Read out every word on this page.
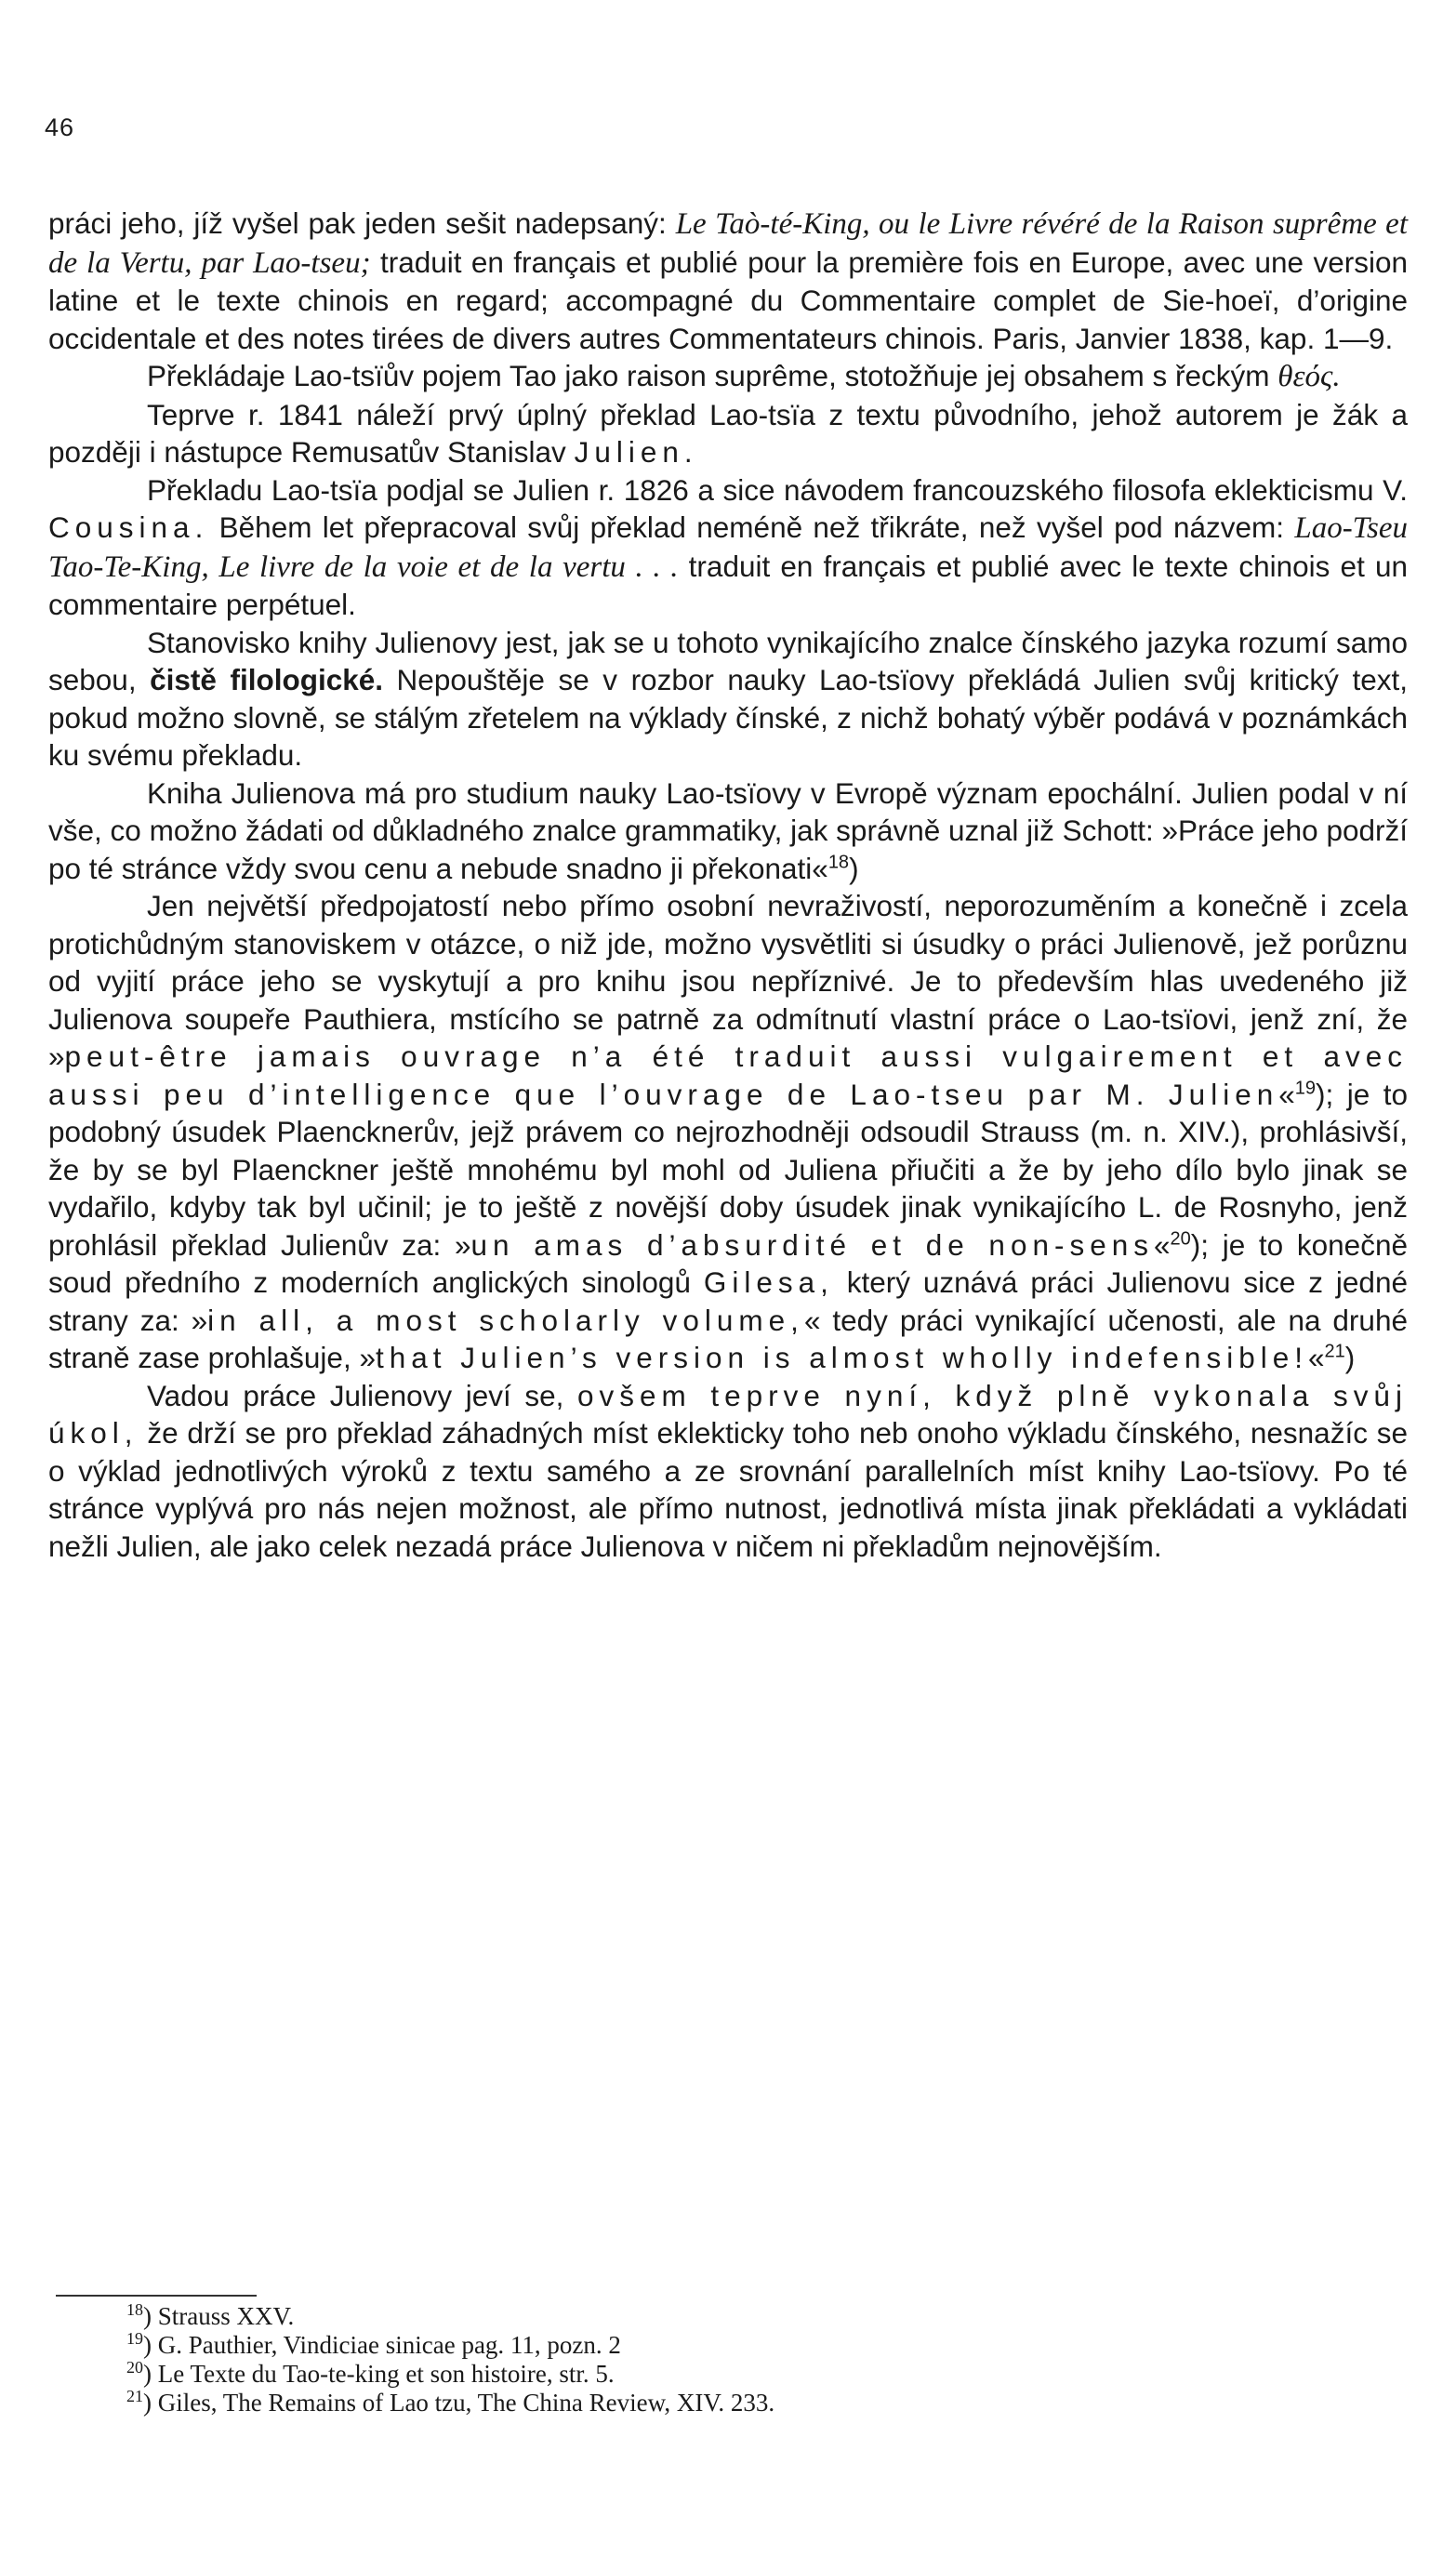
46

práci jeho, jíž vyšel pak jeden sešit nadepsaný: Le Taò-té-King, ou le Livre révéré de la Raison suprême et de la Vertu, par Lao-tseu; traduit en français et publié pour la première fois en Europe, avec une version latine et le texte chinois en regard; accompagné du Commentaire complet de Sie-hoeï, d’origine occidentale et des notes tirées de divers autres Commentateurs chinois. Paris, Janvier 1838, kap. 1—9.

Překládaje Lao-tsïův pojem Tao jako raison suprême, stotožňuje jej obsahem s řeckým θεός.

Teprve r. 1841 náleží prvý úplný překlad Lao-tsïa z textu původního, jehož autorem je žák a později i nástupce Remusatův Stanislav Julien.

Překladu Lao-tsïa podjal se Julien r. 1826 a sice návodem francouzského filosofa eklekticismu V. Cousina. Během let přepracoval svůj překlad neméně než třikráte, než vyšel pod názvem: Lao-Tseu Tao-Te-King, Le livre de la voie et de la vertu . . . traduit en français et publié avec le texte chinois et un commentaire perpétuel.

Stanovisko knihy Julienovy jest, jak se u tohoto vynikajícího znalce čínského jazyka rozumí samo sebou, čistě filologické. Nepouštěje se v rozbor nauky Lao-tsïovy překládá Julien svůj kritický text, pokud možno slovně, se stálým zřetelem na výklady čínské, z nichž bohatý výběr podává v poznámkách ku svému překladu.

Kniha Julienova má pro studium nauky Lao-tsïovy v Evropě význam epochální. Julien podal v ní vše, co možno žádati od důkladného znalce grammatiky, jak správně uznal již Schott: »Práce jeho podrží po té stránce vždy svou cenu a nebude snadno ji překonati«$^{18}$)

Jen největší předpojatostí nebo přímo osobní nevraživostí, neporozuměním a konečně i zcela protichůdným stanoviskem v otázce, o niž jde, možno vysvětliti si úsudky o práci Julienově, jež porůznu od vyjití práce jeho se vyskytují a pro knihu jsou nepříznivé. Je to především hlas uvedeného již Julienova soupeře Pauthiera, mstícího se patrně za odmítnutí vlastní práce o Lao-tsïovi, jenž zní, že »peut-être jamais ouvrage n’a été traduit aussi vulgairement et avec aussi peu d’intelligence que l’ouvrage de Lao-tseu par M. Julien«$^{19}$); je to podobný úsudek Plaencknerův, jejž právem co nejrozhodněji odsoudil Strauss (m. n. XIV.), prohlásivší, že by se byl Plaenckner ještě mnohému byl mohl od Juliena přiučiti a že by jeho dílo bylo jinak se vydařilo, kdyby tak byl učinil; je to ještě z novější doby úsudek jinak vynikajícího L. de Rosnyho, jenž prohlásil překlad Julienův za: »un amas d’absurdité et de non-sens«$^{20}$); je to konečně soud předního z moderních anglických sinologů Gilesa, který uznává práci Julienovu sice z jedné strany za: »in all, a most scholarly volume,« tedy práci vynikající učenosti, ale na druhé straně zase prohlašuje, »that Julien’s version is almost wholly indefensible!«$^{21}$)

Vadou práce Julienovy jeví se, ovšem teprve nyní, když plně vykonala svůj úkol, že drží se pro překlad záhadných míst eklekticky toho neb onoho výkladu čínského, nesnažíc se o výklad jednotlivých výroků z textu samého a ze srovnání parallelních míst knihy Lao-tsïovy. Po té stránce vyplývá pro nás nejen možnost, ale přímo nutnost, jednotlivá místa jinak překládati a vykládati nežli Julien, ale jako celek nezadá práce Julienova v ničem ni překladům nejnovějším.

$^{18}$) Strauss XXV.
$^{19}$) G. Pauthier, Vindiciae sinicae pag. 11, pozn. 2
$^{20}$) Le Texte du Tao-te-king et son histoire, str. 5.
$^{21}$) Giles, The Remains of Lao tzu, The China Review, XIV. 233.
